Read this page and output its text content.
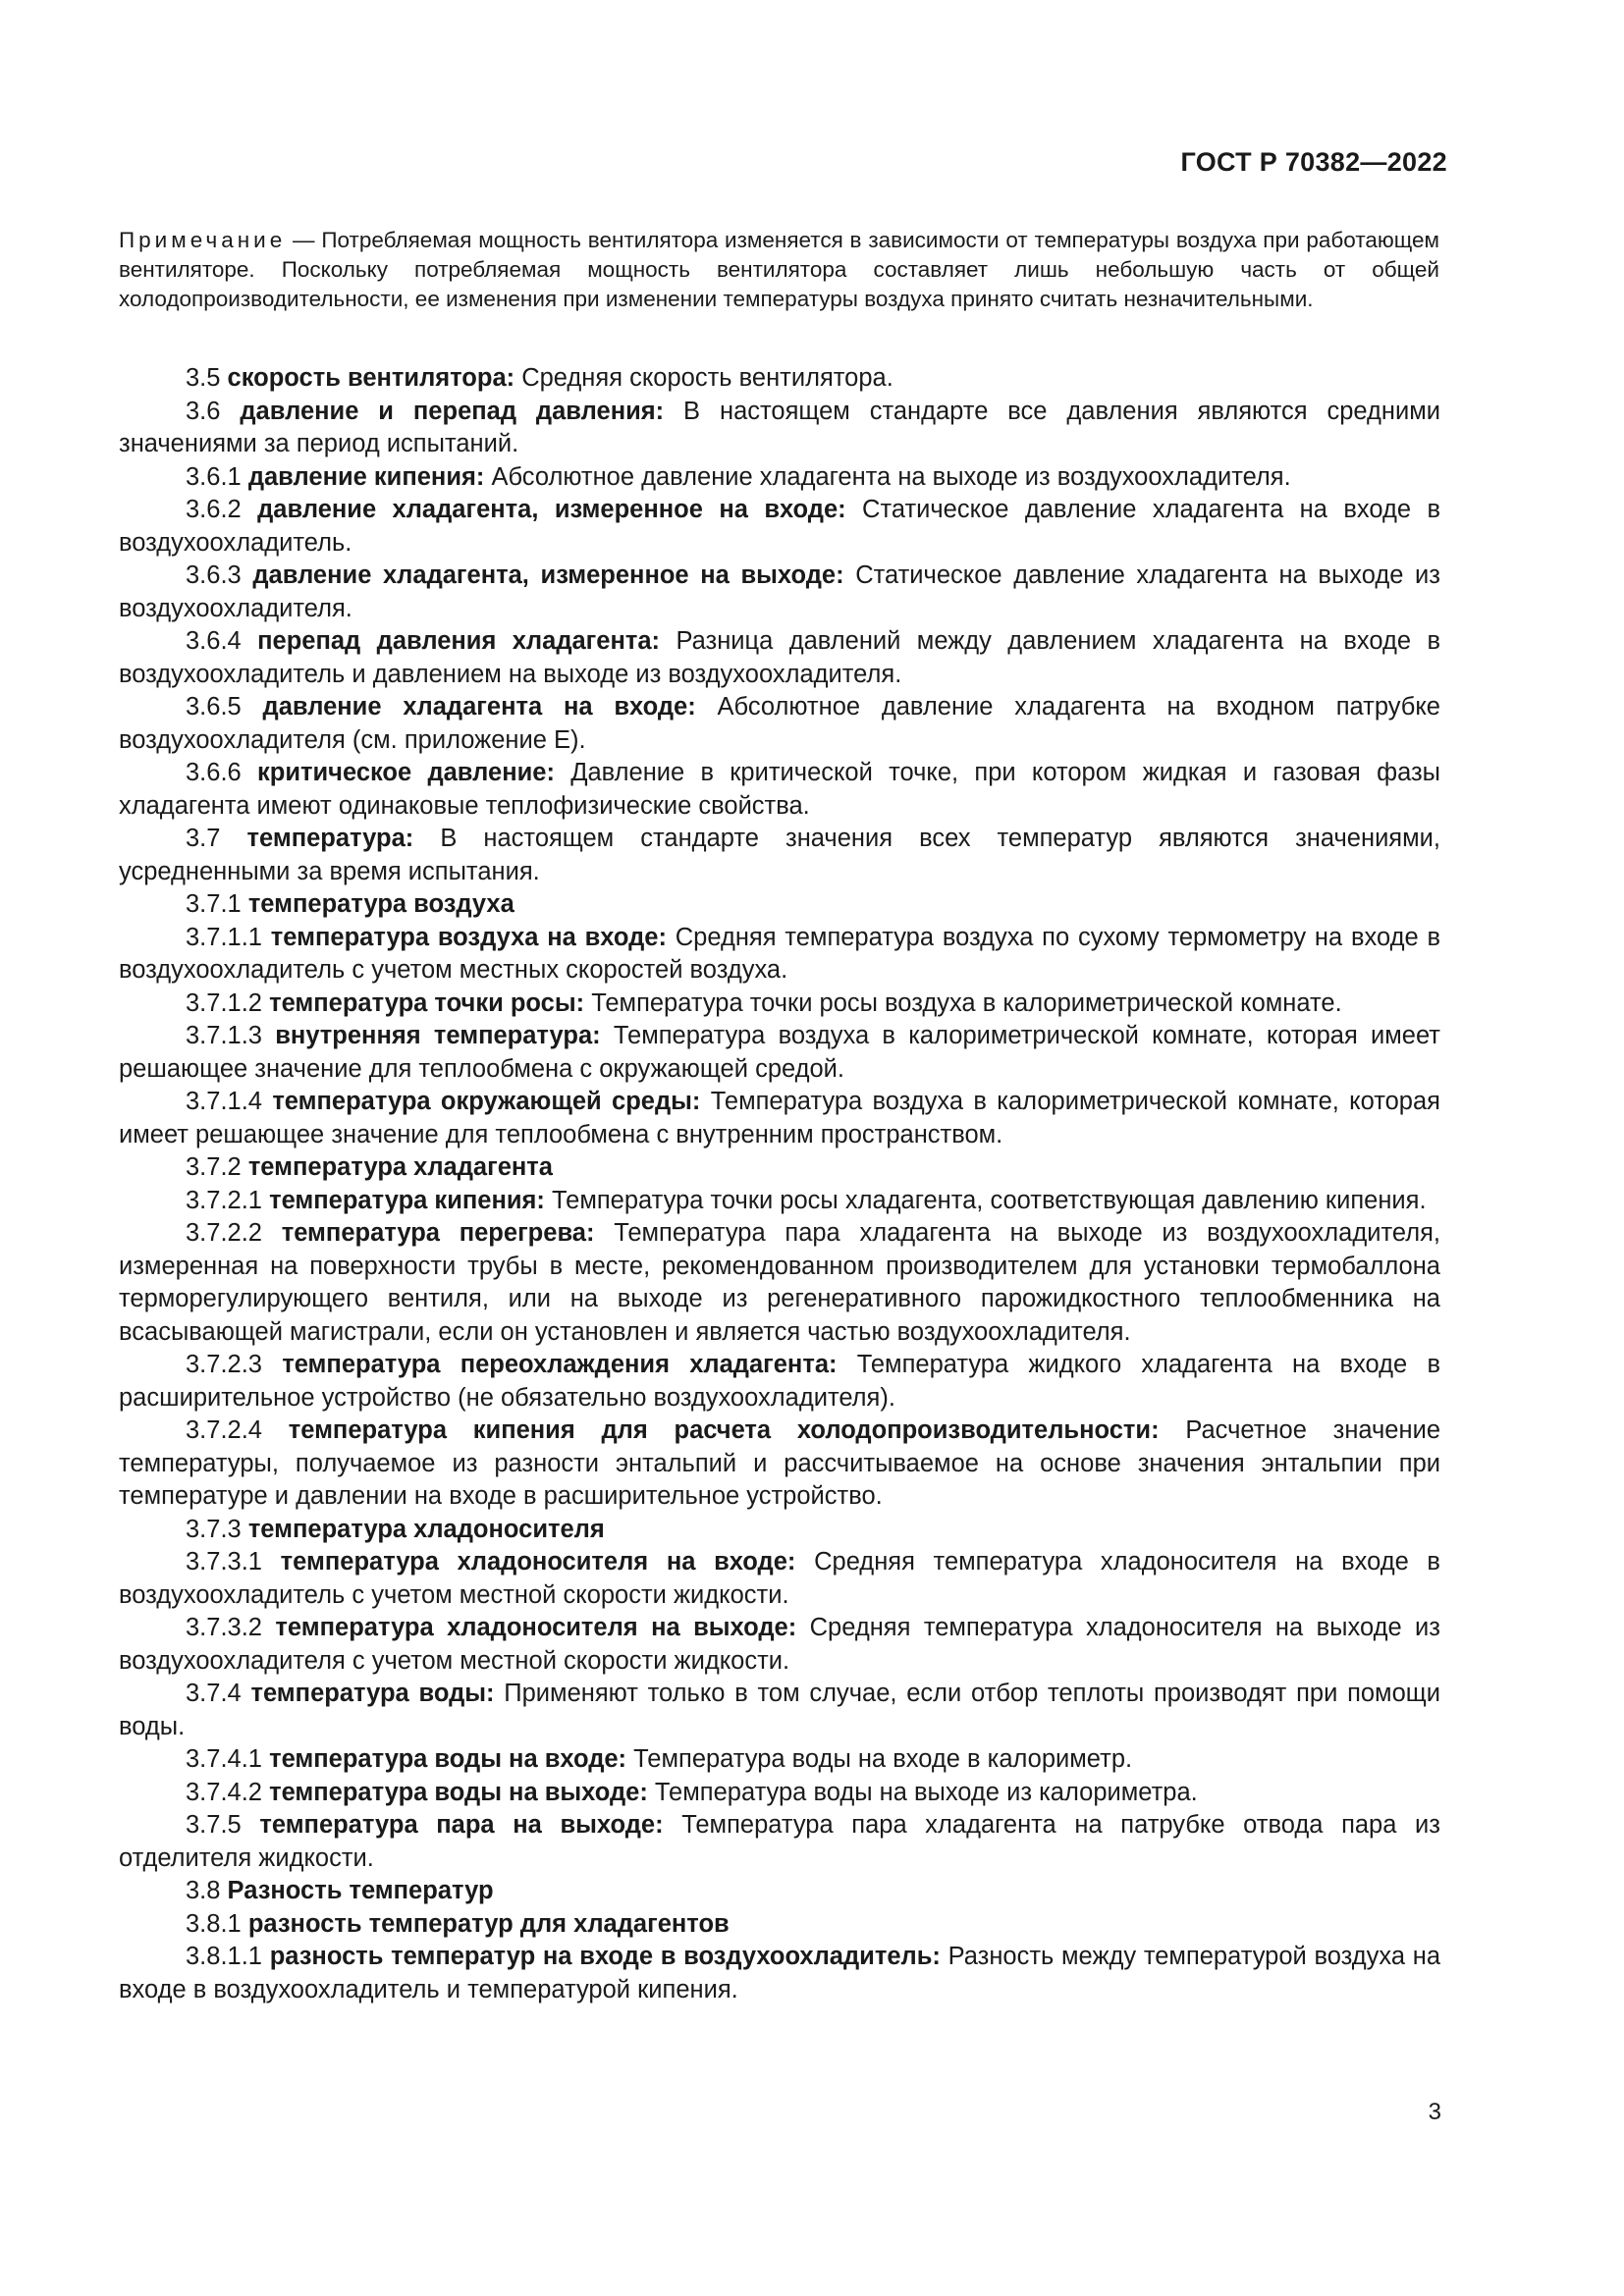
ГОСТ Р 70382—2022
Примечание — Потребляемая мощность вентилятора изменяется в зависимости от температуры воздуха при работающем вентиляторе. Поскольку потребляемая мощность вентилятора составляет лишь небольшую часть от общей холодопроизводительности, ее изменения при изменении температуры воздуха принято считать незначительными.

3.5 скорость вентилятора: Средняя скорость вентилятора.

3.6 давление и перепад давления: В настоящем стандарте все давления являются средними значениями за период испытаний.

3.6.1 давление кипения: Абсолютное давление хладагента на выходе из воздухоохладителя.

3.6.2 давление хладагента, измеренное на входе: Статическое давление хладагента на входе в воздухоохладитель.

3.6.3 давление хладагента, измеренное на выходе: Статическое давление хладагента на выходе из воздухоохладителя.

3.6.4 перепад давления хладагента: Разница давлений между давлением хладагента на входе в воздухоохладитель и давлением на выходе из воздухоохладителя.

3.6.5 давление хладагента на входе: Абсолютное давление хладагента на входном патрубке воздухоохладителя (см. приложение Е).

3.6.6 критическое давление: Давление в критической точке, при котором жидкая и газовая фазы хладагента имеют одинаковые теплофизические свойства.

3.7 температура: В настоящем стандарте значения всех температур являются значениями, усредненными за время испытания.

3.7.1 температура воздуха

3.7.1.1 температура воздуха на входе: Средняя температура воздуха по сухому термометру на входе в воздухоохладитель с учетом местных скоростей воздуха.

3.7.1.2 температура точки росы: Температура точки росы воздуха в калориметрической комнате.

3.7.1.3 внутренняя температура: Температура воздуха в калориметрической комнате, которая имеет решающее значение для теплообмена с окружающей средой.

3.7.1.4 температура окружающей среды: Температура воздуха в калориметрической комнате, которая имеет решающее значение для теплообмена с внутренним пространством.

3.7.2 температура хладагента

3.7.2.1 температура кипения: Температура точки росы хладагента, соответствующая давлению кипения.

3.7.2.2 температура перегрева: Температура пара хладагента на выходе из воздухоохладителя, измеренная на поверхности трубы в месте, рекомендованном производителем для установки термобаллона терморегулирующего вентиля, или на выходе из регенеративного парожидкостного теплообменника на всасывающей магистрали, если он установлен и является частью воздухоохладителя.

3.7.2.3 температура переохлаждения хладагента: Температура жидкого хладагента на входе в расширительное устройство (не обязательно воздухоохладителя).

3.7.2.4 температура кипения для расчета холодопроизводительности: Расчетное значение температуры, получаемое из разности энтальпий и рассчитываемое на основе значения энтальпии при температуре и давлении на входе в расширительное устройство.

3.7.3 температура хладоносителя

3.7.3.1 температура хладоносителя на входе: Средняя температура хладоносителя на входе в воздухоохладитель с учетом местной скорости жидкости.

3.7.3.2 температура хладоносителя на выходе: Средняя температура хладоносителя на выходе из воздухоохладителя с учетом местной скорости жидкости.

3.7.4 температура воды: Применяют только в том случае, если отбор теплоты производят при помощи воды.

3.7.4.1 температура воды на входе: Температура воды на входе в калориметр.

3.7.4.2 температура воды на выходе: Температура воды на выходе из калориметра.

3.7.5 температура пара на выходе: Температура пара хладагента на патрубке отвода пара из отделителя жидкости.

3.8 Разность температур

3.8.1 разность температур для хладагентов

3.8.1.1 разность температур на входе в воздухоохладитель: Разность между температурой воздуха на входе в воздухоохладитель и температурой кипения.

3
